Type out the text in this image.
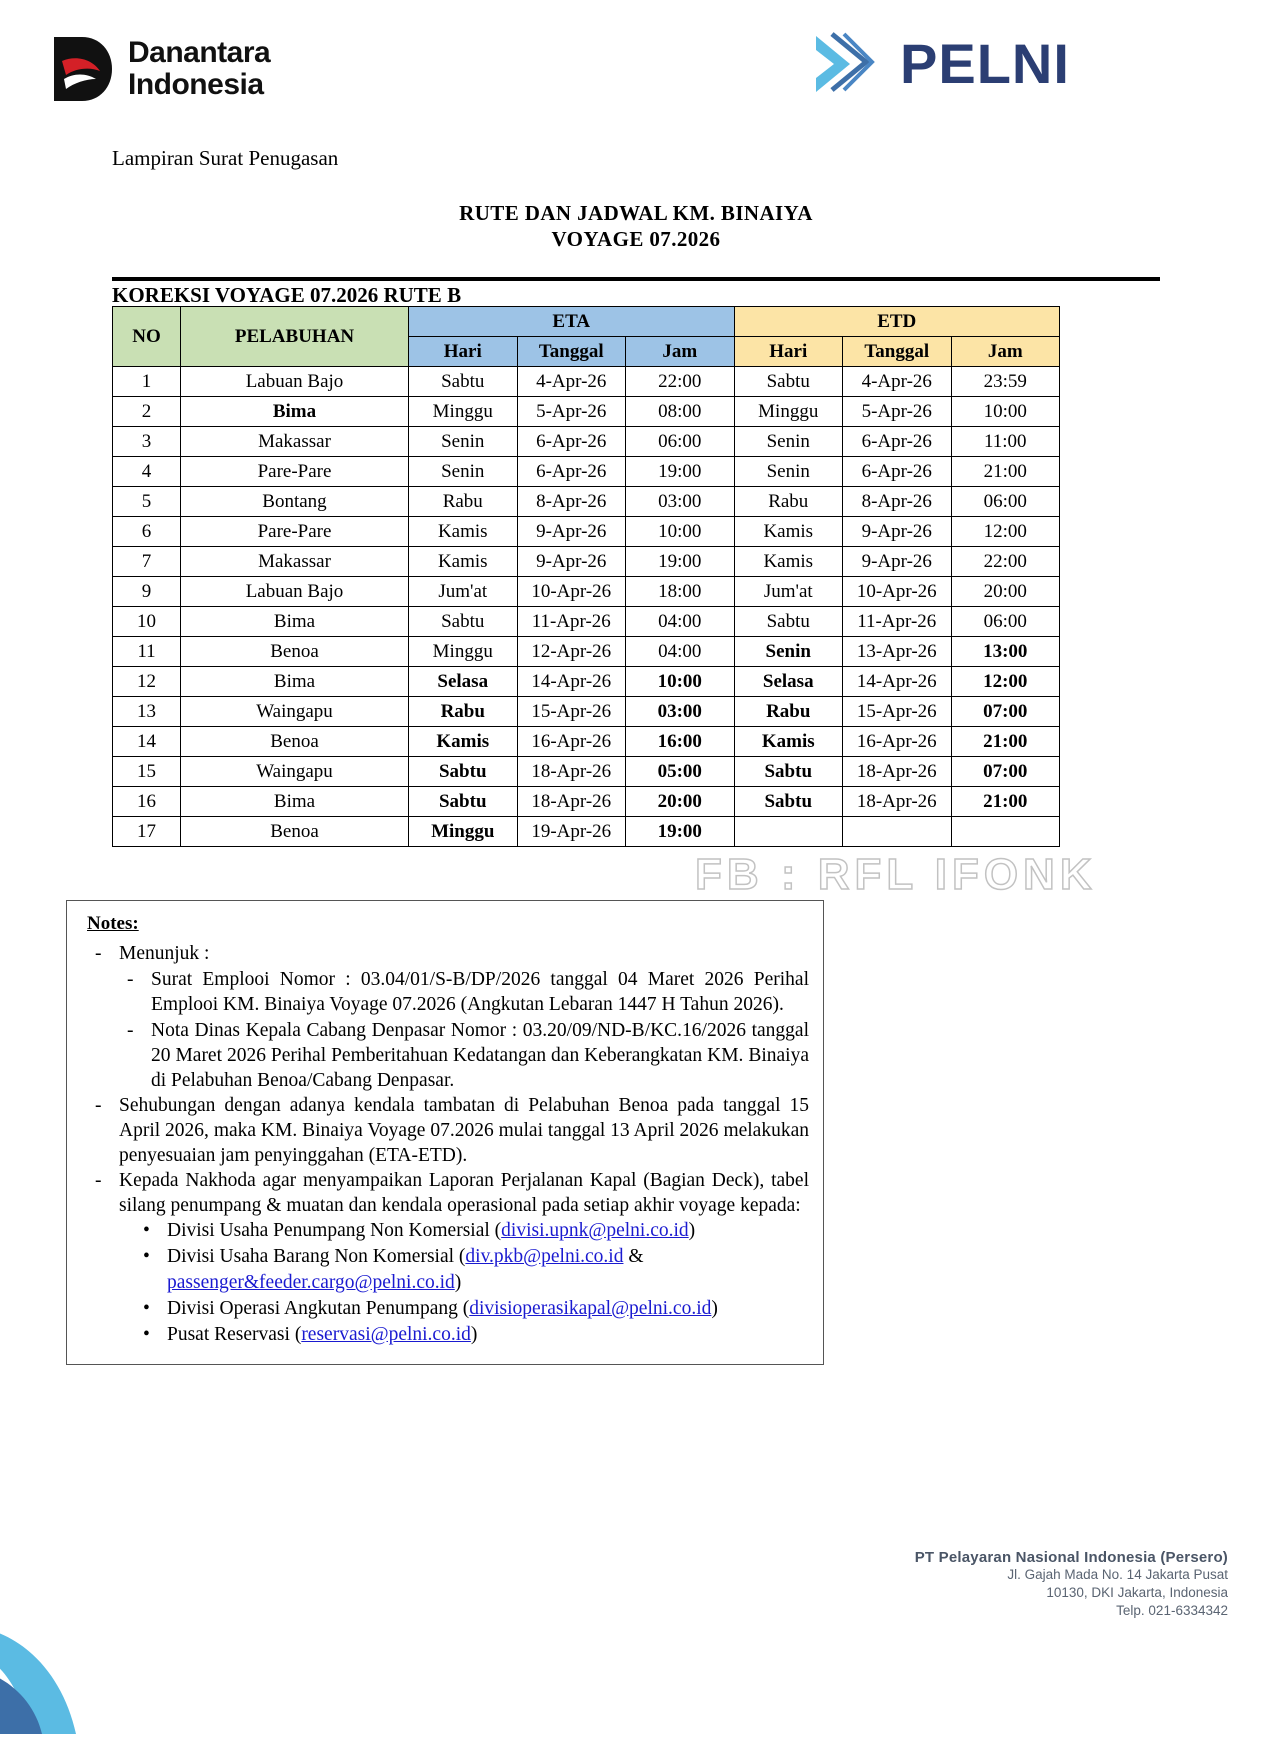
Danantara
Indonesia	PELNI
Lampiran Surat Penugasan
RUTE DAN JADWAL KM. BINAIYA
VOYAGE 07.2026
KOREKSI VOYAGE 07.2026 RUTE B
NO	PELABUHAN	ETA			ETD		
		Hari	Tanggal	Jam	Hari	Tanggal	Jam
1	Labuan Bajo	Sabtu	4-Apr-26	22:00	Sabtu	4-Apr-26	23:59
2	Bima	Minggu	5-Apr-26	08:00	Minggu	5-Apr-26	10:00
3	Makassar	Senin	6-Apr-26	06:00	Senin	6-Apr-26	11:00
4	Pare-Pare	Senin	6-Apr-26	19:00	Senin	6-Apr-26	21:00
5	Bontang	Rabu	8-Apr-26	03:00	Rabu	8-Apr-26	06:00
6	Pare-Pare	Kamis	9-Apr-26	10:00	Kamis	9-Apr-26	12:00
7	Makassar	Kamis	9-Apr-26	19:00	Kamis	9-Apr-26	22:00
9	Labuan Bajo	Jum'at	10-Apr-26	18:00	Jum'at	10-Apr-26	20:00
10	Bima	Sabtu	11-Apr-26	04:00	Sabtu	11-Apr-26	06:00
11	Benoa	Minggu	12-Apr-26	04:00	Senin	13-Apr-26	13:00
12	Bima	Selasa	14-Apr-26	10:00	Selasa	14-Apr-26	12:00
13	Waingapu	Rabu	15-Apr-26	03:00	Rabu	15-Apr-26	07:00
14	Benoa	Kamis	16-Apr-26	16:00	Kamis	16-Apr-26	21:00
15	Waingapu	Sabtu	18-Apr-26	05:00	Sabtu	18-Apr-26	07:00
16	Bima	Sabtu	18-Apr-26	20:00	Sabtu	18-Apr-26	21:00
17	Benoa	Minggu	19-Apr-26	19:00			
FB : RFL IFONK
Notes:
- Menunjuk :
- Surat Emplooi Nomor : 03.04/01/S-B/DP/2026 tanggal 04 Maret 2026 Perihal Emplooi KM. Binaiya Voyage 07.2026 (Angkutan Lebaran 1447 H Tahun 2026).
- Nota Dinas Kepala Cabang Denpasar Nomor : 03.20/09/ND-B/KC.16/2026 tanggal 20 Maret 2026 Perihal Pemberitahuan Kedatangan dan Keberangkatan KM. Binaiya di Pelabuhan Benoa/Cabang Denpasar.
- Sehubungan dengan adanya kendala tambatan di Pelabuhan Benoa pada tanggal 15 April 2026, maka KM. Binaiya Voyage 07.2026 mulai tanggal 13 April 2026 melakukan penyesuaian jam penyinggahan (ETA-ETD).
- Kepada Nakhoda agar menyampaikan Laporan Perjalanan Kapal (Bagian Deck), tabel silang penumpang & muatan dan kendala operasional pada setiap akhir voyage kepada:
• Divisi Usaha Penumpang Non Komersial (divisi.upnk@pelni.co.id)
• Divisi Usaha Barang Non Komersial (div.pkb@pelni.co.id & passenger&feeder.cargo@pelni.co.id)
• Divisi Operasi Angkutan Penumpang (divisioperasikapal@pelni.co.id)
• Pusat Reservasi (reservasi@pelni.co.id)
PT Pelayaran Nasional Indonesia (Persero)
Jl. Gajah Mada No. 14 Jakarta Pusat
10130, DKI Jakarta, Indonesia
Telp. 021-6334342
